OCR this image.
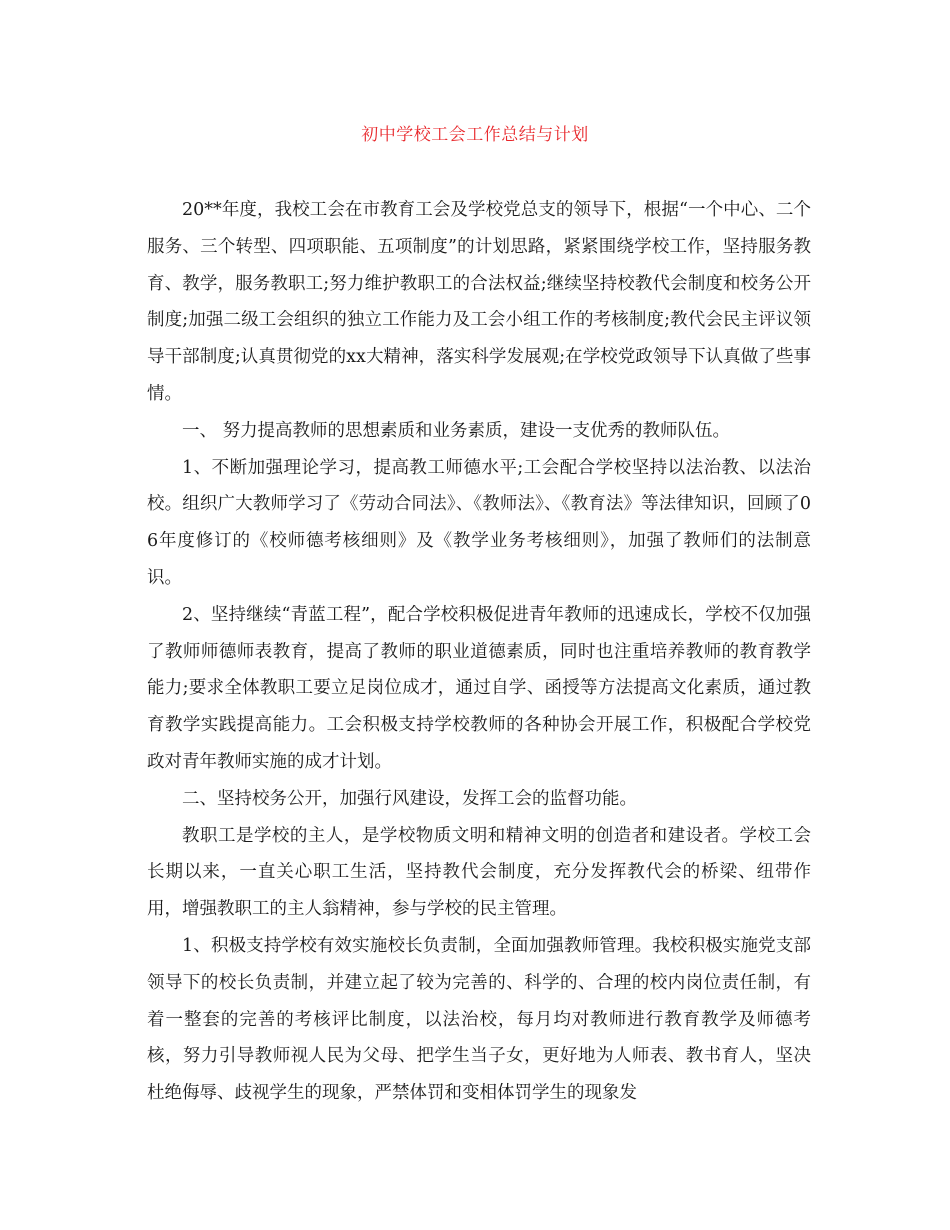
初中学校工会工作总结与计划

20**年度，我校工会在市教育工会及学校党总支的领导下，根据“一个中心、二个服务、三个转型、四项职能、五项制度”的计划思路，紧紧围绕学校工作，坚持服务教育、教学，服务教职工;努力维护教职工的合法权益;继续坚持校教代会制度和校务公开制度;加强二级工会组织的独立工作能力及工会小组工作的考核制度;教代会民主评议领导干部制度;认真贯彻党的xx大精神，落实科学发展观;在学校党政领导下认真做了些事情。

一、 努力提高教师的思想素质和业务素质，建设一支优秀的教师队伍。

1、不断加强理论学习，提高教工师德水平;工会配合学校坚持以法治教、以法治校。组织广大教师学习了《劳动合同法》、《教师法》、《教育法》等法律知识，回顾了06年度修订的《校师德考核细则》及《教学业务考核细则》，加强了教师们的法制意识。

2、坚持继续“青蓝工程”，配合学校积极促进青年教师的迅速成长，学校不仅加强了教师师德师表教育，提高了教师的职业道德素质，同时也注重培养教师的教育教学能力;要求全体教职工要立足岗位成才，通过自学、函授等方法提高文化素质，通过教育教学实践提高能力。工会积极支持学校教师的各种协会开展工作，积极配合学校党政对青年教师实施的成才计划。

二、坚持校务公开，加强行风建设，发挥工会的监督功能。

教职工是学校的主人，是学校物质文明和精神文明的创造者和建设者。学校工会长期以来，一直关心职工生活，坚持教代会制度，充分发挥教代会的桥梁、纽带作用，增强教职工的主人翁精神，参与学校的民主管理。

1、积极支持学校有效实施校长负责制，全面加强教师管理。我校积极实施党支部领导下的校长负责制，并建立起了较为完善的、科学的、合理的校内岗位责任制，有着一整套的完善的考核评比制度，以法治校，每月均对教师进行教育教学及师德考核，努力引导教师视人民为父母、把学生当子女，更好地为人师表、教书育人，坚决杜绝侮辱、歧视学生的现象，严禁体罚和变相体罚学生的现象发
